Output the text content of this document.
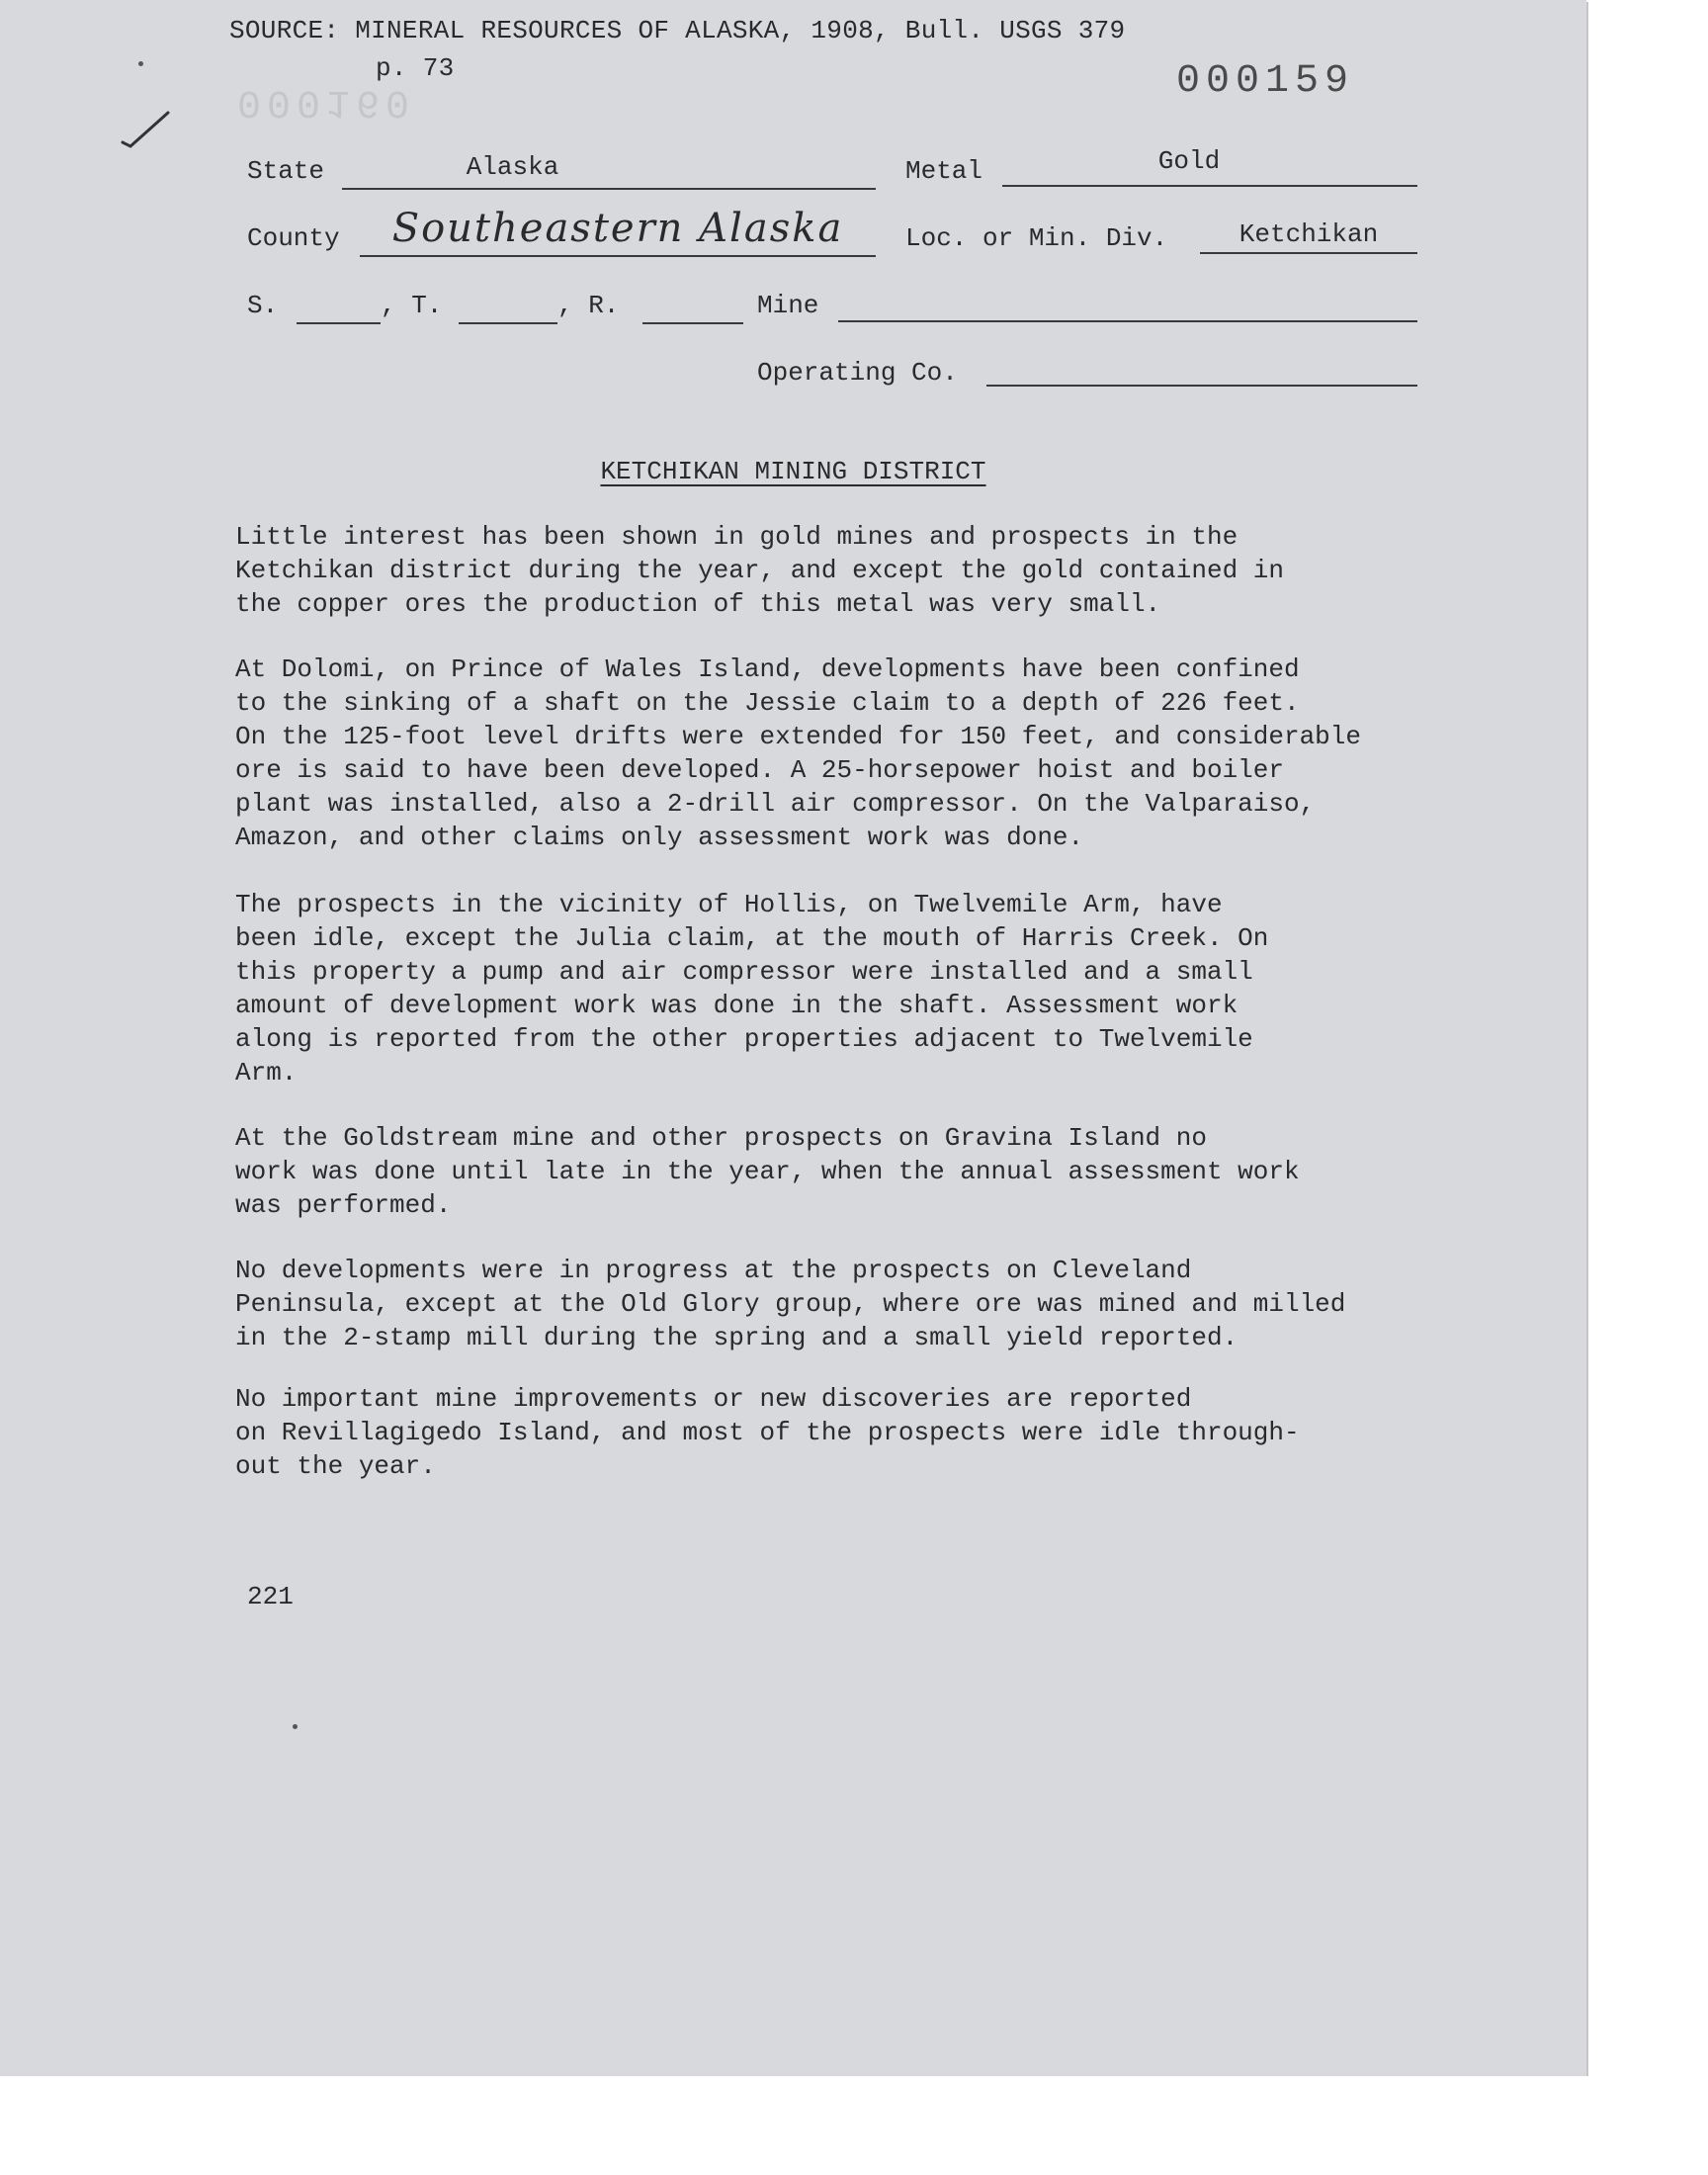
SOURCE: MINERAL RESOURCES OF ALASKA, 1908, Bull. USGS 379
p. 73	000159
000160
State	Alaska	Metal	Gold
County	Southeastern Alaska	Loc. or Min. Div.	Ketchikan
S.	, T.	, R.	Mine
Operating Co.
KETCHIKAN MINING DISTRICT
Little interest has been shown in gold mines and prospects in the
Ketchikan district during the year, and except the gold contained in
the copper ores the production of this metal was very small.
At Dolomi, on Prince of Wales Island, developments have been confined
to the sinking of a shaft on the Jessie claim to a depth of 226 feet.
On the 125-foot level drifts were extended for 150 feet, and considerable
ore is said to have been developed. A 25-horsepower hoist and boiler
plant was installed, also a 2-drill air compressor. On the Valparaiso,
Amazon, and other claims only assessment work was done.
The prospects in the vicinity of Hollis, on Twelvemile Arm, have
been idle, except the Julia claim, at the mouth of Harris Creek. On
this property a pump and air compressor were installed and a small
amount of development work was done in the shaft. Assessment work
along is reported from the other properties adjacent to Twelvemile
Arm.
At the Goldstream mine and other prospects on Gravina Island no
work was done until late in the year, when the annual assessment work
was performed.
No developments were in progress at the prospects on Cleveland
Peninsula, except at the Old Glory group, where ore was mined and milled
in the 2-stamp mill during the spring and a small yield reported.
No important mine improvements or new discoveries are reported
on Revillagigedo Island, and most of the prospects were idle through-
out the year.
221
